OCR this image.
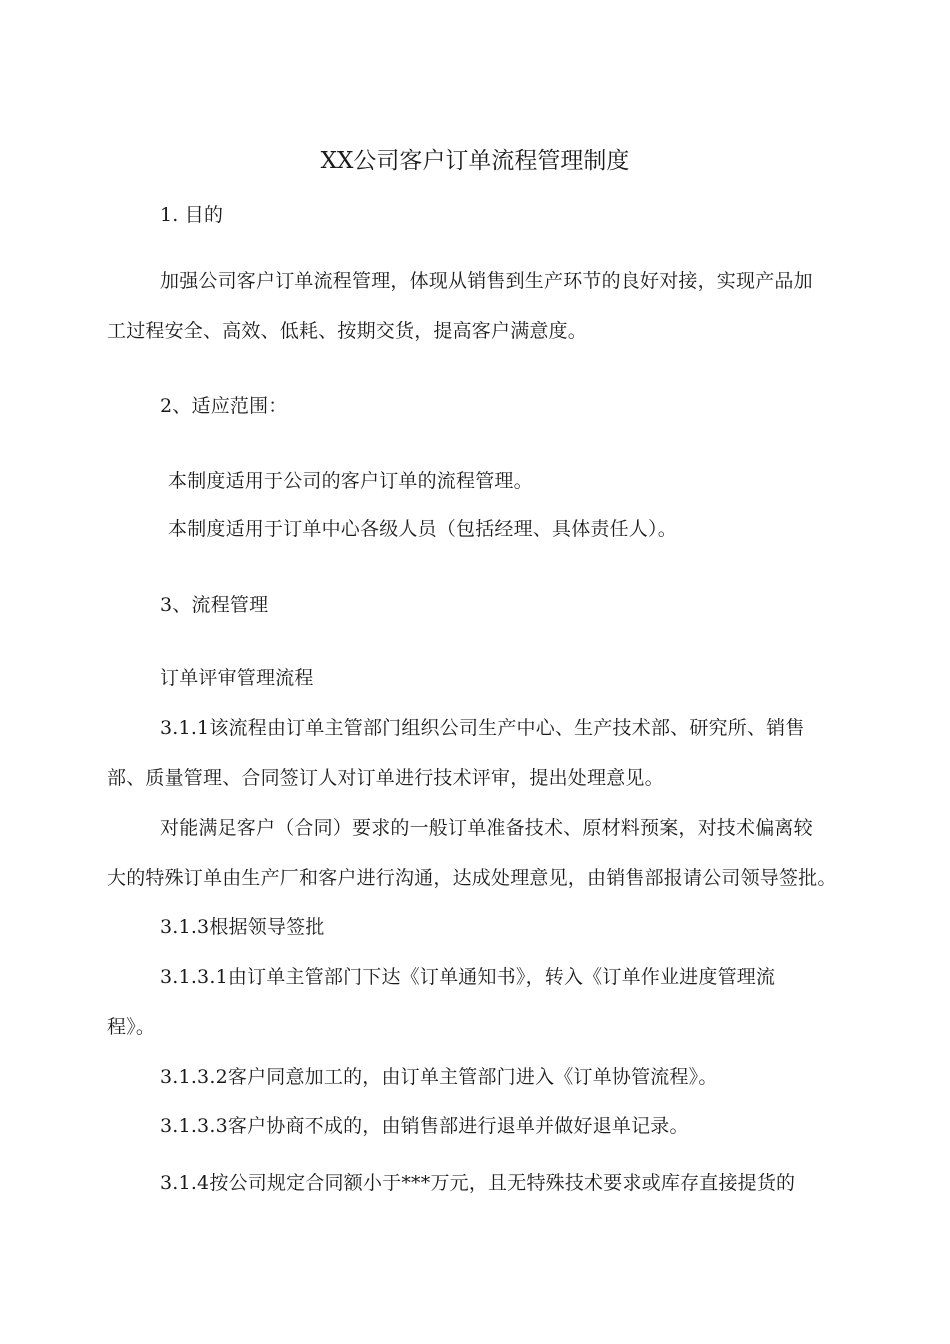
XX公司客户订单流程管理制度
1. 目的
加强公司客户订单流程管理，体现从销售到生产环节的良好对接，实现产品加
工过程安全、高效、低耗、按期交货，提高客户满意度。
2、适应范围：
本制度适用于公司的客户订单的流程管理。
本制度适用于订单中心各级人员（包括经理、具体责任人）。
3、流程管理
订单评审管理流程
3.1.1该流程由订单主管部门组织公司生产中心、生产技术部、研究所、销售
部、质量管理、合同签订人对订单进行技术评审，提出处理意见。
对能满足客户（合同）要求的一般订单准备技术、原材料预案，对技术偏离较
大的特殊订单由生产厂和客户进行沟通，达成处理意见，由销售部报请公司领导签批。
3.1.3根据领导签批
3.1.3.1由订单主管部门下达《订单通知书》，转入《订单作业进度管理流
程》。
3.1.3.2客户同意加工的，由订单主管部门进入《订单协管流程》。
3.1.3.3客户协商不成的，由销售部进行退单并做好退单记录。
3.1.4按公司规定合同额小于***万元，且无特殊技术要求或库存直接提货的
